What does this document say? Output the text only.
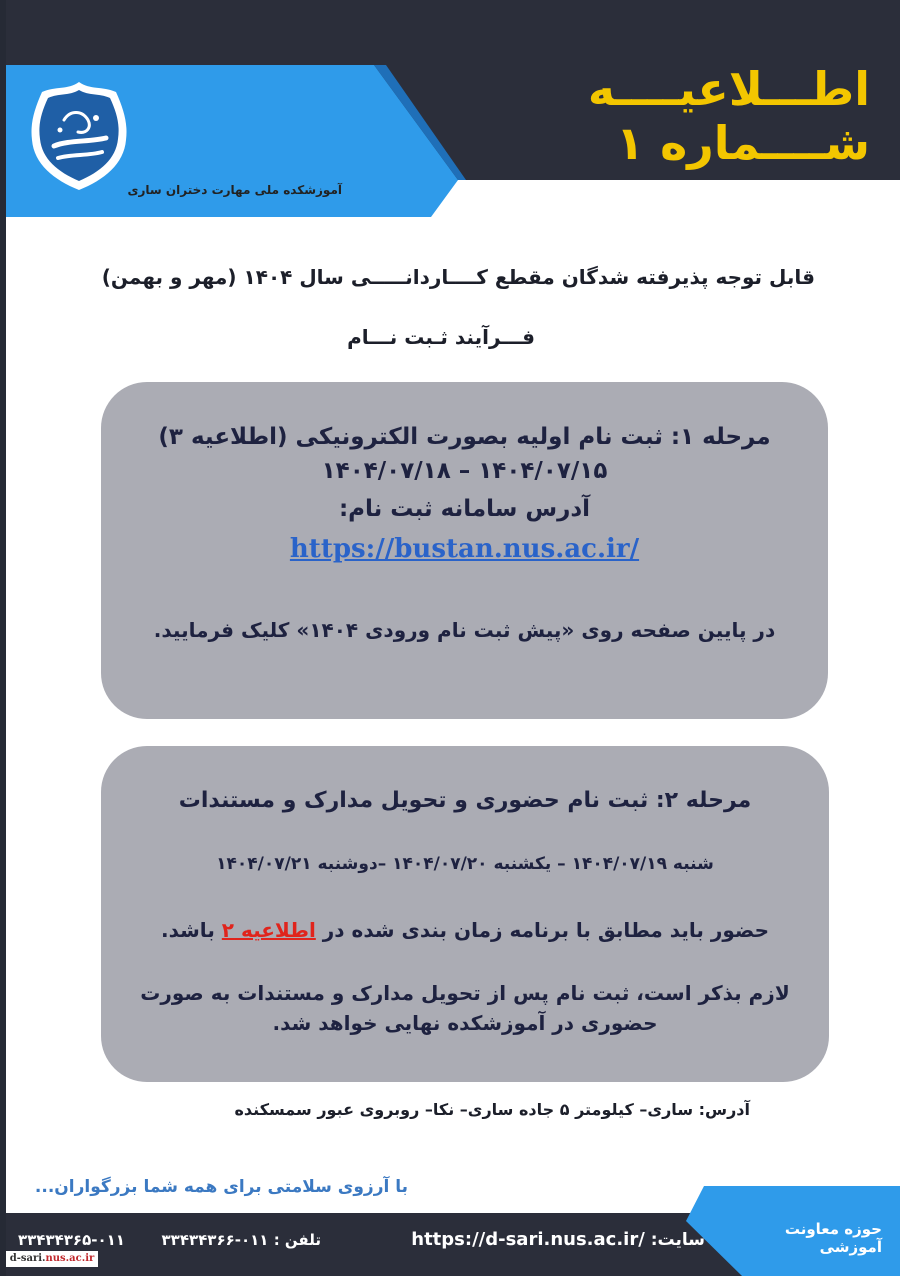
اطـــلاعیــــه شــــماره ۱
آموزشکده ملی مهارت دختران ساری
قابل توجه پذیرفته شدگان مقطع کــــاردانـــــی سال ۱۴۰۴ (مهر و بهمن)
فـــرآیند ثـبت نـــام
مرحله ۱: ثبت نام اولیه بصورت الکترونیکی (اطلاعیه ۳)
۱۴۰۴/۰۷/۱۵ – ۱۴۰۴/۰۷/۱۸
آدرس سامانه ثبت نام:
https://bustan.nus.ac.ir/
در پایین صفحه روی «پیش ثبت نام ورودی ۱۴۰۴» کلیک فرمایید.
مرحله ۲: ثبت نام حضوری و تحویل مدارک و مستندات
شنبه ۱۴۰۴/۰۷/۱۹ – یکشنبه ۱۴۰۴/۰۷/۲۰ –دوشنبه ۱۴۰۴/۰۷/۲۱
حضور باید مطابق با برنامه زمان بندی شده در اطلاعیه ۲ باشد.
لازم بذکر است، ثبت نام پس از تحویل مدارک و مستندات به صورت
حضوری در آموزشکده نهایی خواهد شد.
آدرس: ساری– کیلومتر ۵ جاده ساری– نکا– روبروی عبور سمسکنده
با آرزوی سلامتی برای همه شما بزرگواران...
حوزه معاونت آموزشی
سایت: https://d-sari.nus.ac.ir/
تلفن : ۰۱۱-۳۳۴۳۴۳۶۶       ۰۱۱-۳۳۴۳۴۳۶۵
d-sari.nus.ac.ir
